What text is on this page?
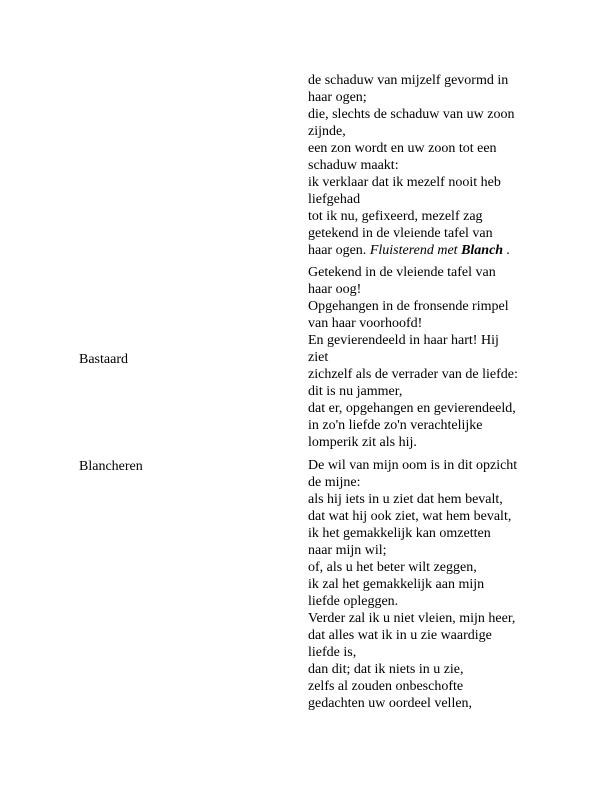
de schaduw van mijzelf gevormd in
haar ogen;
die, slechts de schaduw van uw zoon
zijnde,
een zon wordt en uw zoon tot een
schaduw maakt:
ik verklaar dat ik mezelf nooit heb
liefgehad
tot ik nu, gefixeerd, mezelf zag
getekend in de vleiende tafel van
haar ogen. Fluisterend met Blanch .
Bastaard
Getekend in de vleiende tafel van
haar oog!
Opgehangen in de fronsende rimpel
van haar voorhoofd!
En gevierendeeld in haar hart! Hij
ziet
zichzelf als de verrader van de liefde:
dit is nu jammer,
dat er, opgehangen en gevierendeeld,
in zo'n liefde zo'n verachtelijke
lomperik zit als hij.
Blancheren	De wil van mijn oom is in dit opzicht
de mijne:
als hij iets in u ziet dat hem bevalt,
dat wat hij ook ziet, wat hem bevalt,
ik het gemakkelijk kan omzetten
naar mijn wil;
of, als u het beter wilt zeggen,
ik zal het gemakkelijk aan mijn
liefde opleggen.
Verder zal ik u niet vleien, mijn heer,
dat alles wat ik in u zie waardige
liefde is,
dan dit; dat ik niets in u zie,
zelfs al zouden onbeschofte
gedachten uw oordeel vellen,
